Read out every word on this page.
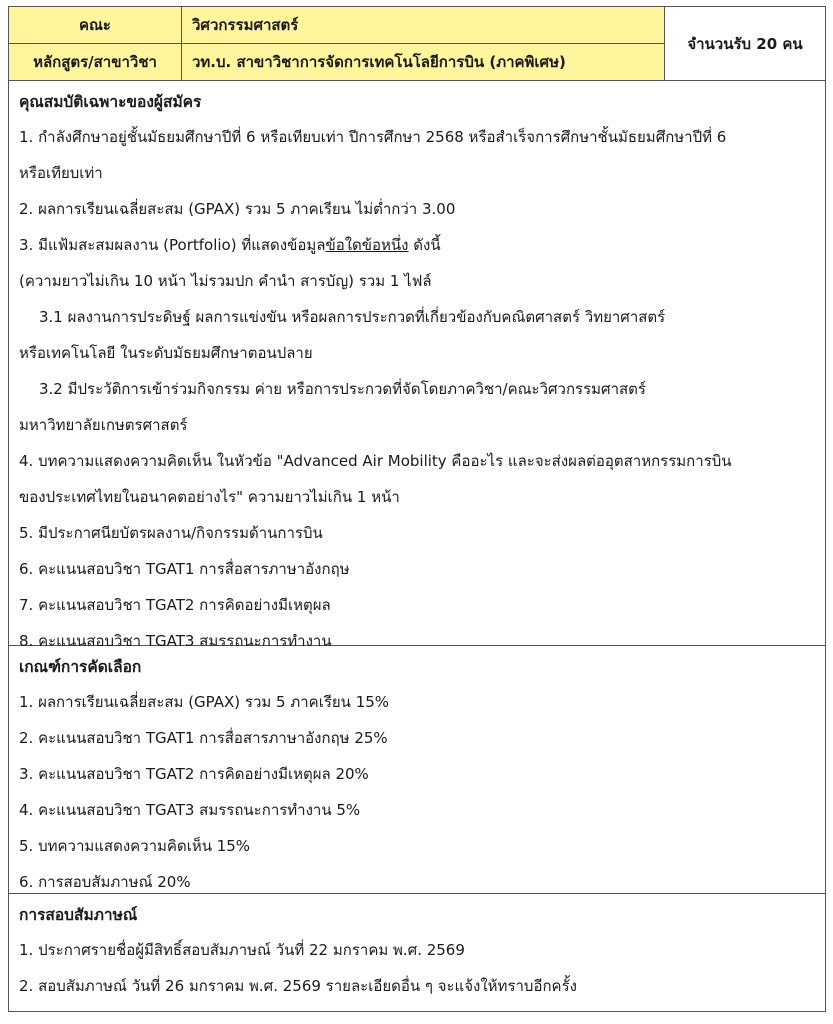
คณะ	วิศวกรรมศาสตร์	จำนวนรับ 20 คน
หลักสูตร/สาขาวิชา	วท.บ. สาขาวิชาการจัดการเทคโนโลยีการบิน (ภาคพิเศษ)	
คุณสมบัติเฉพาะของผู้สมัคร
1. กำลังศึกษาอยู่ชั้นมัธยมศึกษาปีที่ 6 หรือเทียบเท่า ปีการศึกษา 2568 หรือสำเร็จการศึกษาชั้นมัธยมศึกษาปีที่ 6
หรือเทียบเท่า
2. ผลการเรียนเฉลี่ยสะสม (GPAX) รวม 5 ภาคเรียน ไม่ต่ำกว่า 3.00
3. มีแฟ้มสะสมผลงาน (Portfolio) ที่แสดงข้อมูลข้อใดข้อหนึ่ง ดังนี้
(ความยาวไม่เกิน 10 หน้า ไม่รวมปก คำนำ สารบัญ) รวม 1 ไฟล์
3.1 ผลงานการประดิษฐ์ ผลการแข่งขัน หรือผลการประกวดที่เกี่ยวข้องกับคณิตศาสตร์ วิทยาศาสตร์
หรือเทคโนโลยี ในระดับมัธยมศึกษาตอนปลาย
3.2 มีประวัติการเข้าร่วมกิจกรรม ค่าย หรือการประกวดที่จัดโดยภาควิชา/คณะวิศวกรรมศาสตร์
มหาวิทยาลัยเกษตรศาสตร์
4. บทความแสดงความคิดเห็น ในหัวข้อ "Advanced Air Mobility คืออะไร และจะส่งผลต่ออุตสาหกรรมการบิน
ของประเทศไทยในอนาคตอย่างไร" ความยาวไม่เกิน 1 หน้า
5. มีประกาศนียบัตรผลงาน/กิจกรรมด้านการบิน
6. คะแนนสอบวิชา TGAT1 การสื่อสารภาษาอังกฤษ
7. คะแนนสอบวิชา TGAT2 การคิดอย่างมีเหตุผล
8. คะแนนสอบวิชา TGAT3 สมรรถนะการทำงาน
เกณฑ์การคัดเลือก
1. ผลการเรียนเฉลี่ยสะสม (GPAX) รวม 5 ภาคเรียน 15%
2. คะแนนสอบวิชา TGAT1 การสื่อสารภาษาอังกฤษ 25%
3. คะแนนสอบวิชา TGAT2 การคิดอย่างมีเหตุผล 20%
4. คะแนนสอบวิชา TGAT3 สมรรถนะการทำงาน 5%
5. บทความแสดงความคิดเห็น 15%
6. การสอบสัมภาษณ์ 20%
การสอบสัมภาษณ์
1. ประกาศรายชื่อผู้มีสิทธิ์สอบสัมภาษณ์ วันที่ 22 มกราคม พ.ศ. 2569
2. สอบสัมภาษณ์ วันที่ 26 มกราคม พ.ศ. 2569 รายละเอียดอื่น ๆ จะแจ้งให้ทราบอีกครั้ง
